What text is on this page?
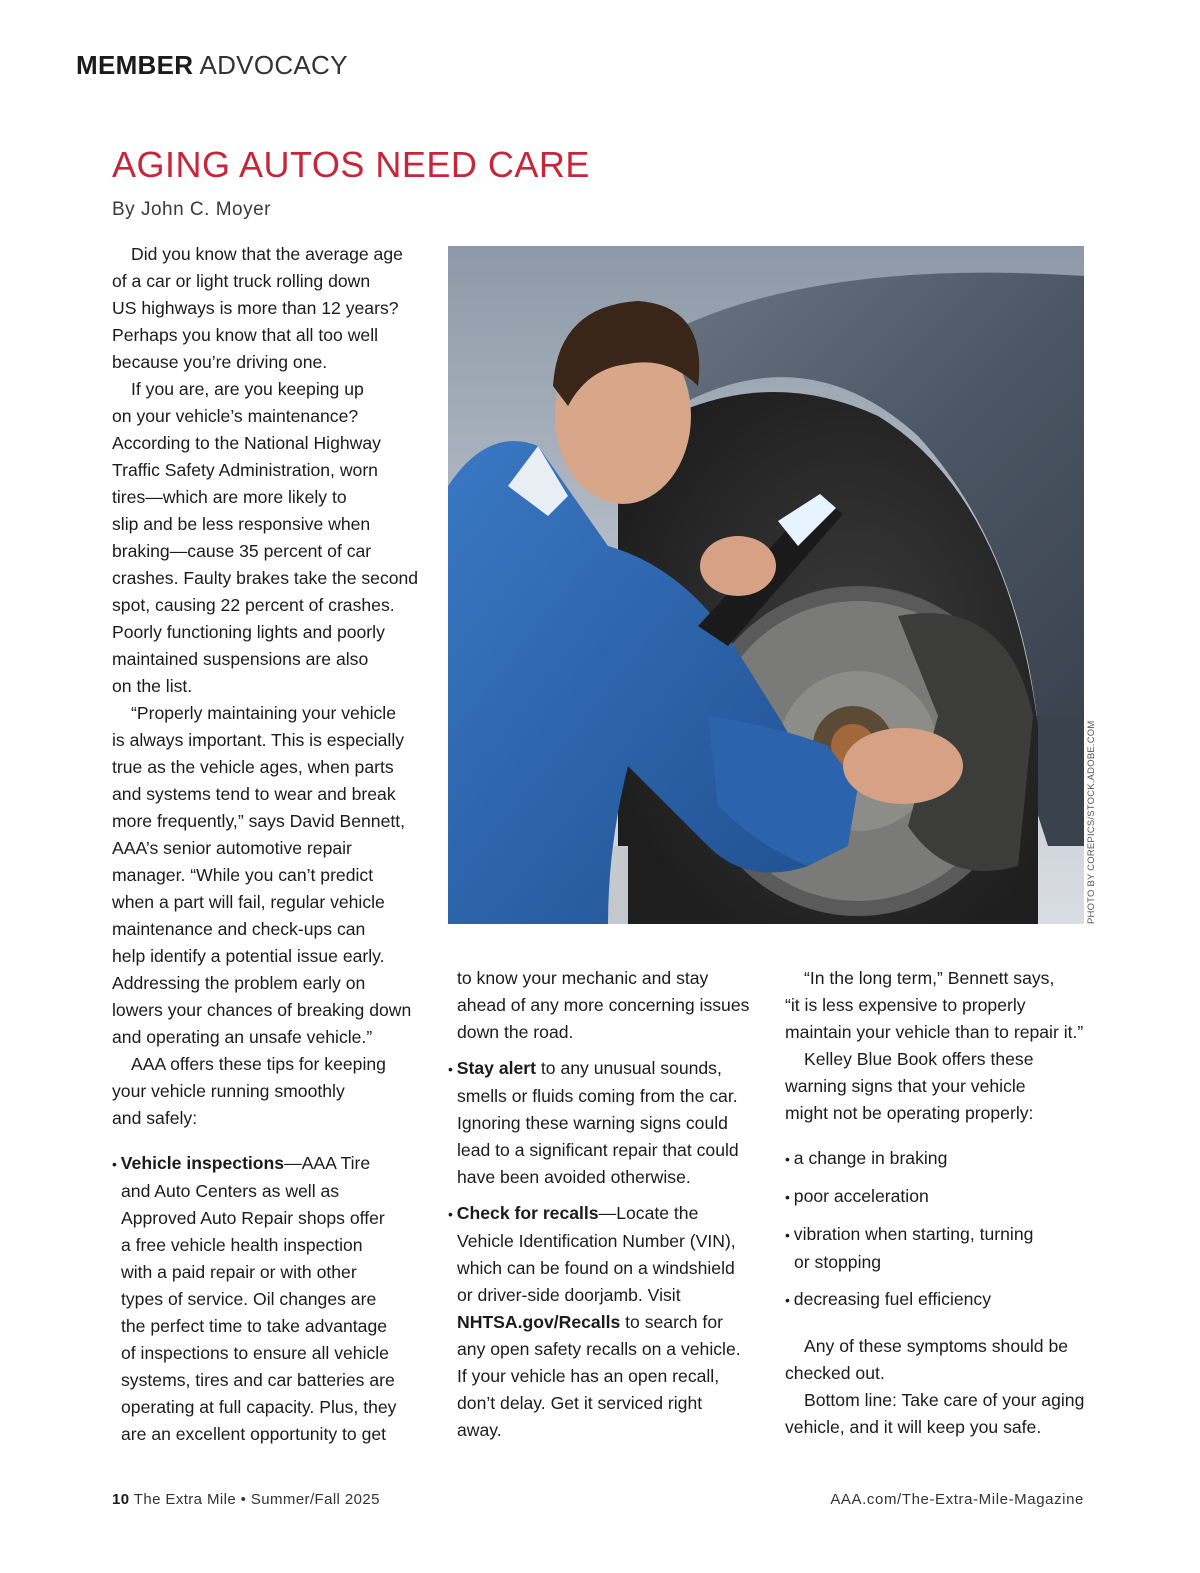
MEMBER ADVOCACY
AGING AUTOS NEED CARE
By John C. Moyer
PHOTO BY COREPICS/STOCK.ADOBE.COM
Did you know that the average age
of a car or light truck rolling down
US highways is more than 12 years?
Perhaps you know that all too well
because you’re driving one.
If you are, are you keeping up
on your vehicle’s maintenance?
According to the National Highway
Traffic Safety Administration, worn
tires—which are more likely to
slip and be less responsive when
braking—cause 35 percent of car
crashes. Faulty brakes take the second
spot, causing 22 percent of crashes.
Poorly functioning lights and poorly
maintained suspensions are also
on the list.
“Properly maintaining your vehicle
is always important. This is especially
true as the vehicle ages, when parts
and systems tend to wear and break
more frequently,” says David Bennett,
AAA’s senior automotive repair
manager. “While you can’t predict
when a part will fail, regular vehicle
maintenance and check-ups can
help identify a potential issue early.
Addressing the problem early on
lowers your chances of breaking down
and operating an unsafe vehicle.”
AAA offers these tips for keeping
your vehicle running smoothly
and safely:
• Vehicle inspections—AAA Tire
and Auto Centers as well as
Approved Auto Repair shops offer
a free vehicle health inspection
with a paid repair or with other
types of service. Oil changes are
the perfect time to take advantage
of inspections to ensure all vehicle
systems, tires and car batteries are
operating at full capacity. Plus, they
are an excellent opportunity to get
to know your mechanic and stay
ahead of any more concerning issues
down the road.
• Stay alert to any unusual sounds,
smells or fluids coming from the car.
Ignoring these warning signs could
lead to a significant repair that could
have been avoided otherwise.
• Check for recalls—Locate the
Vehicle Identification Number (VIN),
which can be found on a windshield
or driver-side doorjamb. Visit
NHTSA.gov/Recalls to search for
any open safety recalls on a vehicle.
If your vehicle has an open recall,
don’t delay. Get it serviced right
away.
“In the long term,” Bennett says,
“it is less expensive to properly
maintain your vehicle than to repair it.”
Kelley Blue Book offers these
warning signs that your vehicle
might not be operating properly:
• a change in braking
• poor acceleration
• vibration when starting, turning
or stopping
• decreasing fuel efficiency
Any of these symptoms should be
checked out.
Bottom line: Take care of your aging
vehicle, and it will keep you safe.
10 The Extra Mile • Summer/Fall 2025	AAA.com/The-Extra-Mile-Magazine
